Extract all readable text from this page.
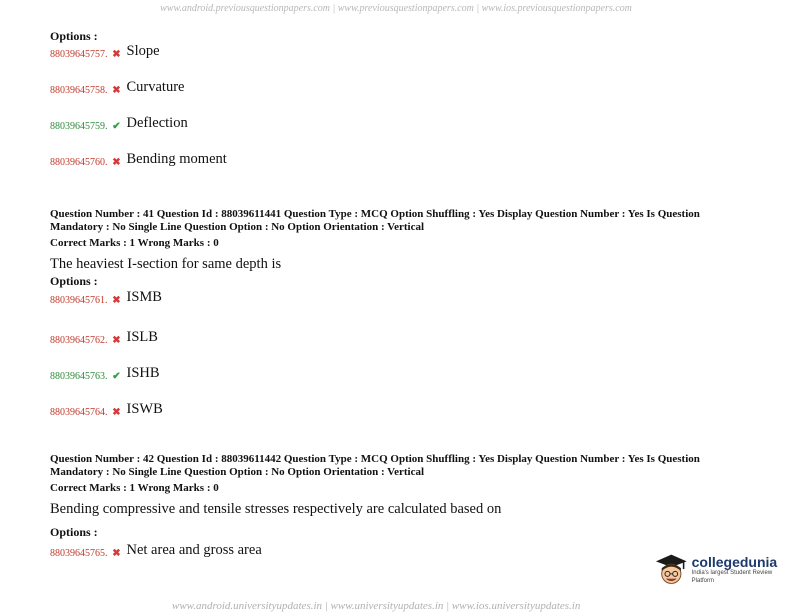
www.android.previousquestionpapers.com | www.previousquestionpapers.com | www.ios.previousquestionpapers.com
Options :
88039645757. ✖ Slope
88039645758. ✖ Curvature
88039645759. ✔ Deflection
88039645760. ✖ Bending moment
Question Number : 41 Question Id : 88039611441 Question Type : MCQ Option Shuffling : Yes Display Question Number : Yes Is Question
Mandatory : No Single Line Question Option : No Option Orientation : Vertical
Correct Marks : 1 Wrong Marks : 0
The heaviest I-section for same depth is
Options :
88039645761. ✖ ISMB
88039645762. ✖ ISLB
88039645763. ✔ ISHB
88039645764. ✖ ISWB
Question Number : 42 Question Id : 88039611442 Question Type : MCQ Option Shuffling : Yes Display Question Number : Yes Is Question
Mandatory : No Single Line Question Option : No Option Orientation : Vertical
Correct Marks : 1 Wrong Marks : 0
Bending compressive and tensile stresses respectively are calculated based on
Options :
88039645765. ✖ Net area and gross area
collegedunia
India's largest Student Review Platform
www.android.universityupdates.in | www.universityupdates.in | www.ios.universityupdates.in
